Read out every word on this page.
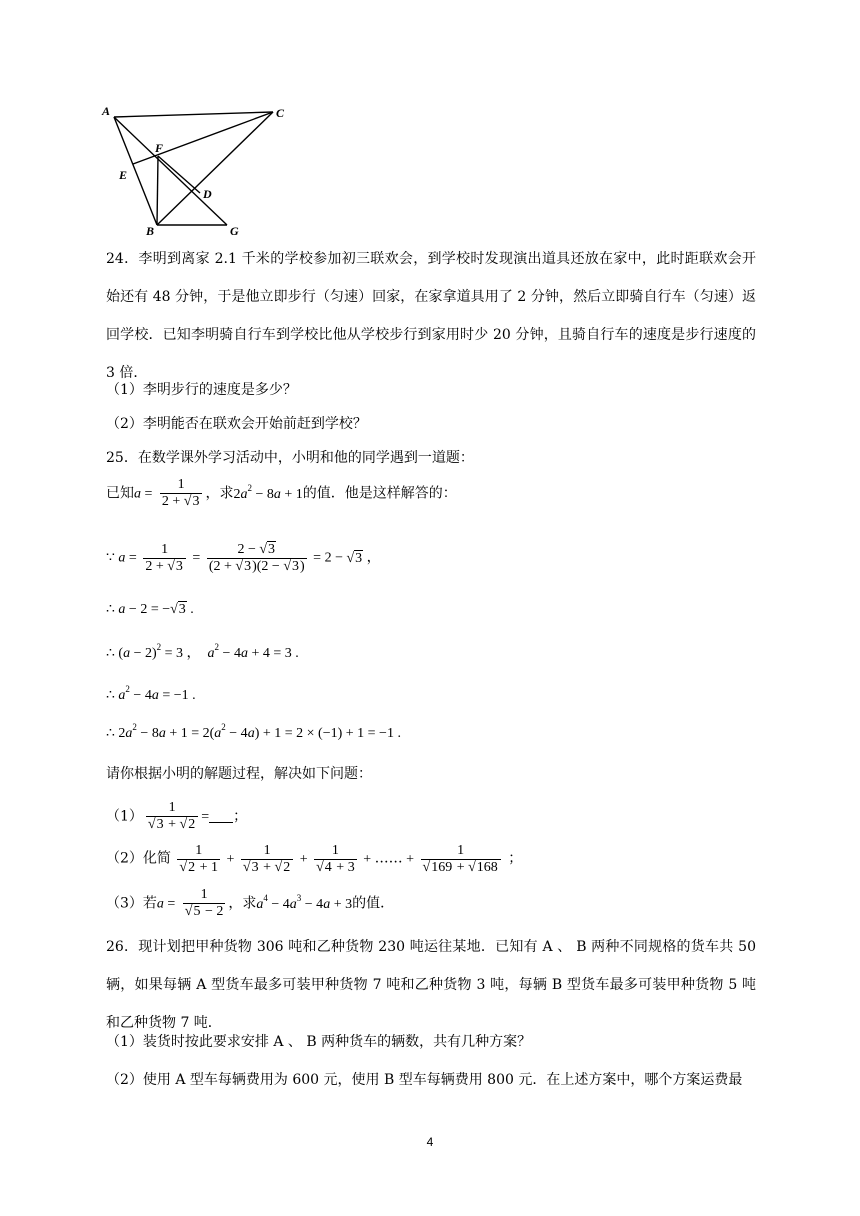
A	C
F
E
D
B	G
24．李明到离家 2.1 千米的学校参加初三联欢会，到学校时发现演出道具还放在家中，此时距联欢会开始还有 48 分钟，于是他立即步行（匀速）回家，在家拿道具用了 2 分钟，然后立即骑自行车（匀速）返回学校．已知李明骑自行车到学校比他从学校步行到家用时少 20 分钟，且骑自行车的速度是步行速度的 3 倍．
（1）李明步行的速度是多少？
（2）李明能否在联欢会开始前赶到学校？
25．在数学课外学习活动中，小明和他的同学遇到一道题：
已知$a = \frac{1}{2 + √3}$ ，求$2a^2 - 8a + 1$的值．他是这样解答的：
∵ $a = \frac{1}{2 + √3} = \frac{2 - √3}{(2 + √3)(2 - √3)} = 2 - √3$ ，
∴ a − 2 = −√3 .
∴ $(a - 2)^2 = 3$ ，  $a^2 - 4a + 4 = 3$ .
∴ $a^2 - 4a = -1$ .
∴ $2a^2 - 8a + 1 = 2(a^2 - 4a) + 1 = 2 \times (-1) + 1 = -1$ .
请你根据小明的解题过程，解决如下问题：
$(1) \frac{1}{√3 + √2}$ = ；
（2）化简 $\frac{1}{√2 + 1} + \frac{1}{√3 + √2} + \frac{1}{√4 + 3}$ + …… + $\frac{1}{√169 + √168}$ ；
（3）若$a = \frac{1}{√5 - 2}$ ，求$a^4 - 4a^3 - 4a + 3$的值．
26．现计划把甲种货物 306 吨和乙种货物 230 吨运往某地．已知有 A 、 B 两种不同规格的货车共 50 辆，如果每辆 A 型货车最多可装甲种货物 7 吨和乙种货物 3 吨，每辆 B 型货车最多可装甲种货物 5 吨和乙种货物 7 吨．
（1）装货时按此要求安排 A 、 B 两种货车的辆数，共有几种方案？
（2）使用 A 型车每辆费用为 600 元，使用 B 型车每辆费用 800 元．在上述方案中，哪个方案运费最
4
